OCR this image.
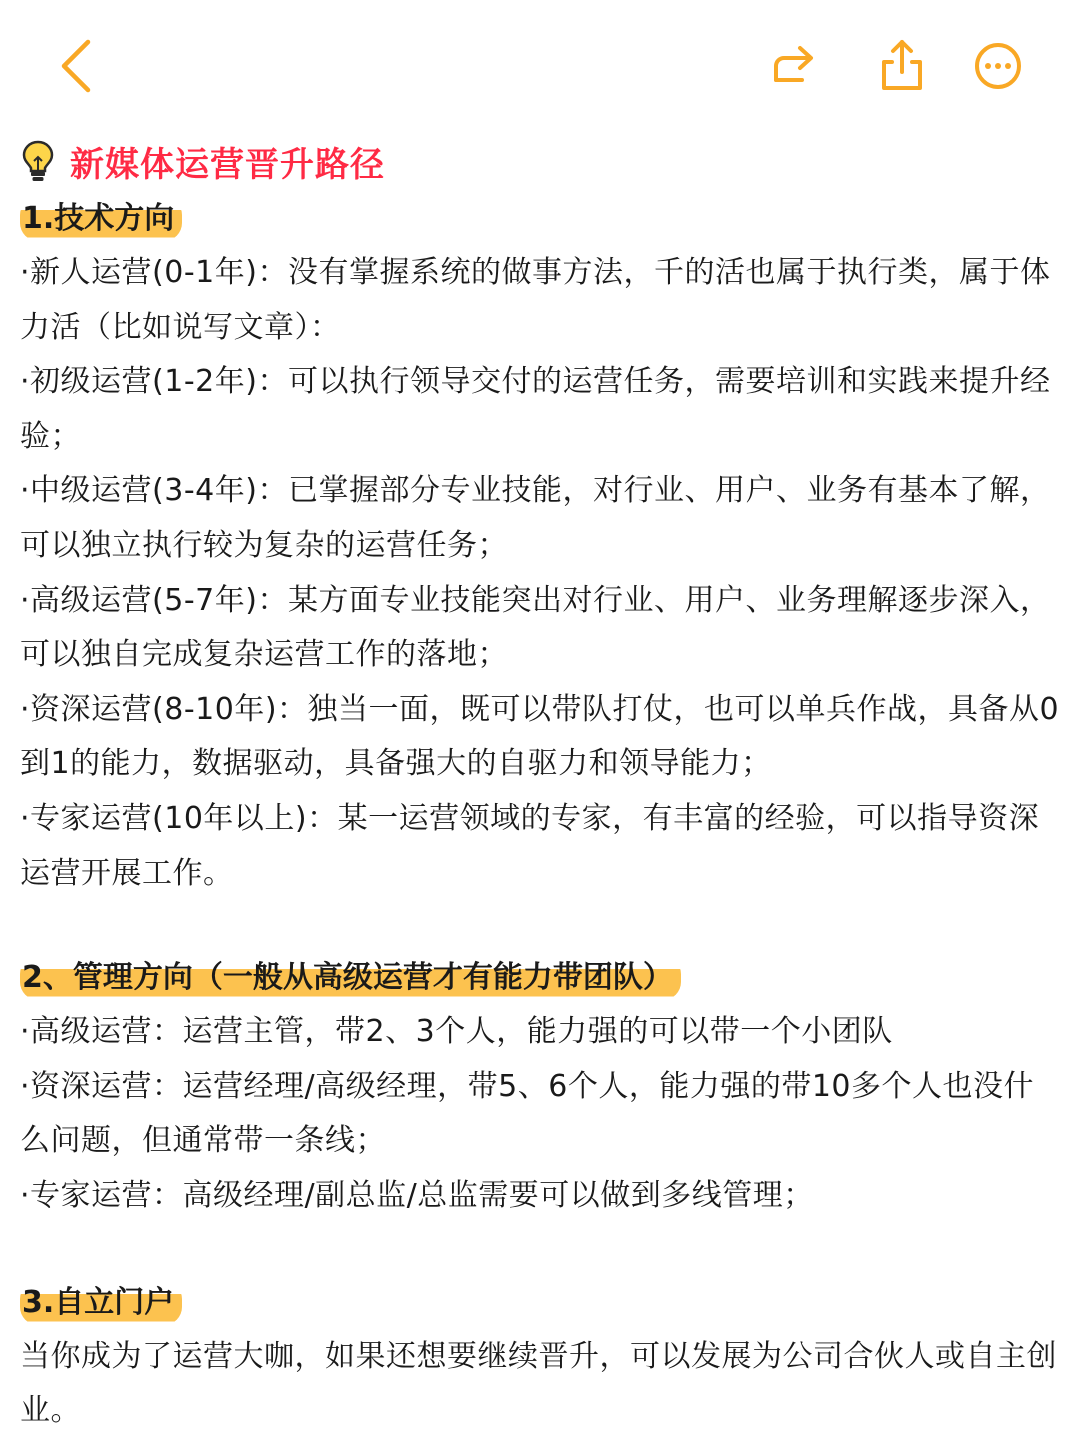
新媒体运营晋升路径
1.技术方向

·新人运营(0-1年)：没有掌握系统的做事方法，千的活也属于执行类，属于体力活（比如说写文章）：

·初级运营(1-2年)：可以执行领导交付的运营任务，需要培训和实践来提升经验；

·中级运营(3-4年)：已掌握部分专业技能，对行业、用户、业务有基本了解，可以独立执行较为复杂的运营任务；

·高级运营(5-7年)：某方面专业技能突出对行业、用户、业务理解逐步深入，可以独自完成复杂运营工作的落地；

·资深运营(8-10年)：独当一面，既可以带队打仗，也可以单兵作战，具备从0到1的能力，数据驱动，具备强大的自驱力和领导能力；

·专家运营(10年以上)：某一运营领域的专家，有丰富的经验，可以指导资深运营开展工作。

2、管理方向（一般从高级运营才有能力带团队）

·高级运营：运营主管，带2、3个人，能力强的可以带一个小团队

·资深运营：运营经理/高级经理，带5、6个人，能力强的带10多个人也没什么问题，但通常带一条线；

·专家运营：高级经理/副总监/总监需要可以做到多线管理；

3.自立门户

当你成为了运营大咖，如果还想要继续晋升，可以发展为公司合伙人或自主创业。
